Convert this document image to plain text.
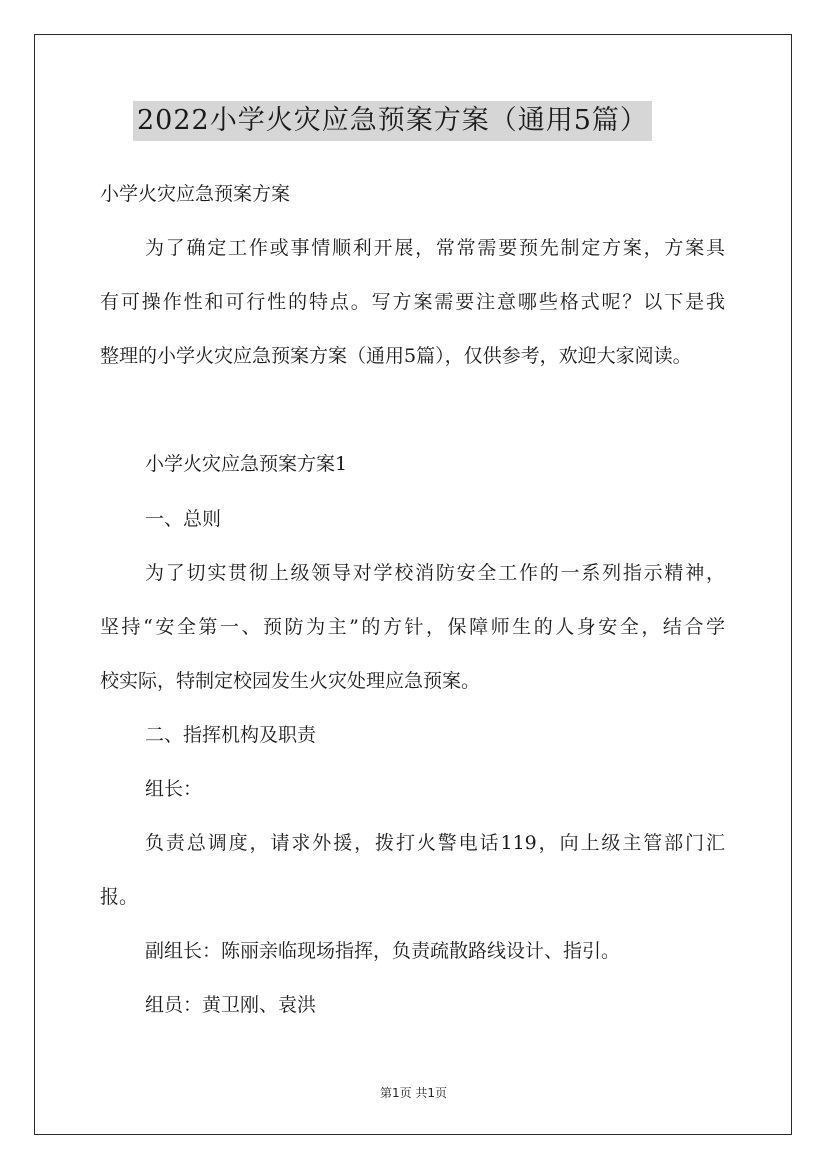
2022小学火灾应急预案方案（通用5篇）
小学火灾应急预案方案
为了确定工作或事情顺利开展，常常需要预先制定方案，方案具
有可操作性和可行性的特点。写方案需要注意哪些格式呢？以下是我
整理的小学火灾应急预案方案（通用5篇），仅供参考，欢迎大家阅读。
小学火灾应急预案方案1
一、总则
为了切实贯彻上级领导对学校消防安全工作的一系列指示精神，
坚持“安全第一、预防为主”的方针，保障师生的人身安全，结合学
校实际，特制定校园发生火灾处理应急预案。
二、指挥机构及职责
组长：
负责总调度，请求外援，拨打火警电话119，向上级主管部门汇
报。
副组长：陈丽亲临现场指挥，负责疏散路线设计、指引。
组员：黄卫刚、袁洪
第1页 共1页
